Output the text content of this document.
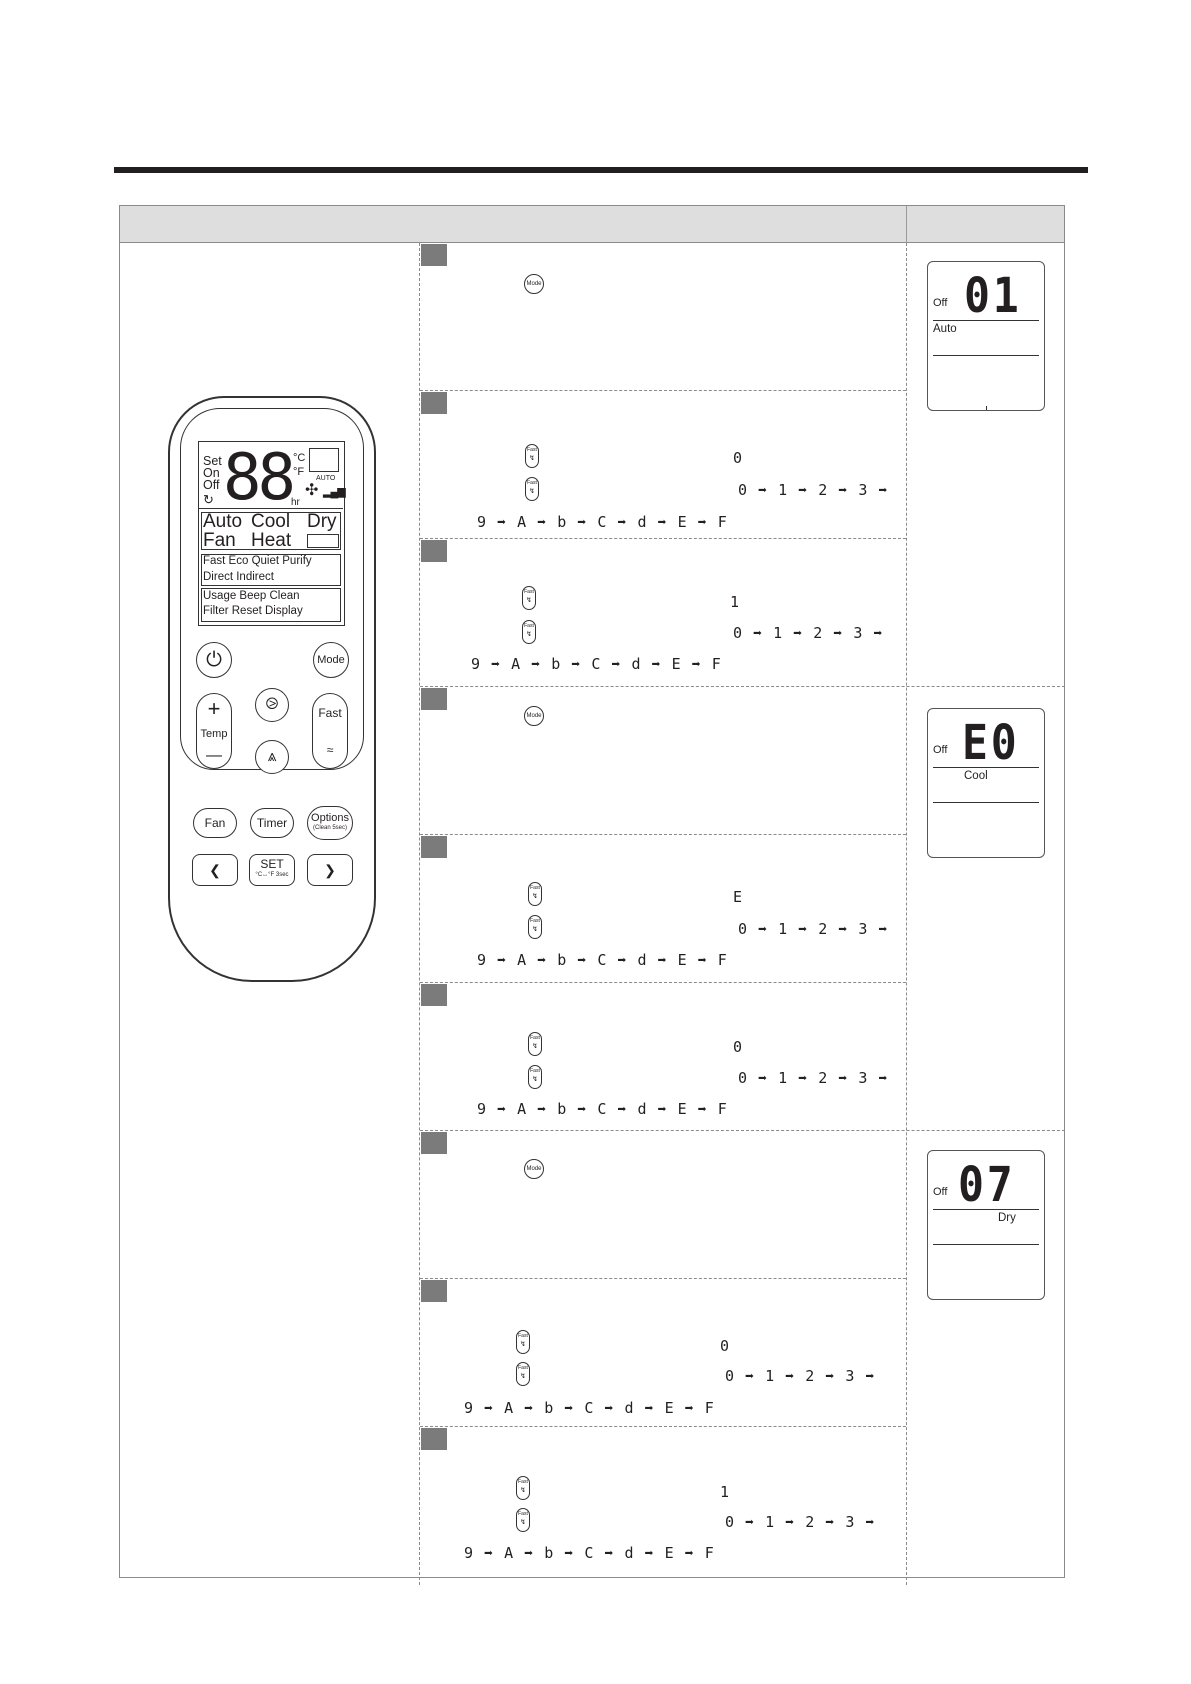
Mode
Mode
Mode
Fast
↯
Fast
↯
0
0 ➡ 1 ➡ 2 ➡ 3 ➡
9 ➡ A ➡ b ➡ C ➡ d ➡ E ➡ F
Fast
↯
Fast
↯
1
0 ➡ 1 ➡ 2 ➡ 3 ➡
9 ➡ A ➡ b ➡ C ➡ d ➡ E ➡ F
Fast
↯
Fast
↯
E
0 ➡ 1 ➡ 2 ➡ 3 ➡
9 ➡ A ➡ b ➡ C ➡ d ➡ E ➡ F
Fast
↯
Fast
↯
0
0 ➡ 1 ➡ 2 ➡ 3 ➡
9 ➡ A ➡ b ➡ C ➡ d ➡ E ➡ F
Fast
↯
Fast
↯
0
0 ➡ 1 ➡ 2 ➡ 3 ➡
9 ➡ A ➡ b ➡ C ➡ d ➡ E ➡ F
Fast
↯
Fast
↯
1
0 ➡ 1 ➡ 2 ➡ 3 ➡
9 ➡ A ➡ b ➡ C ➡ d ➡ E ➡ F
Off 01
Auto
Off E0
Cool
Off 07
Dry
Set
On
Off
↻ 88 °C
°F
hr
AUTO
✣ ▂▄▆
Auto Cool Dry
Fan Heat
Fast Eco Quiet Purify
Direct Indirect
Usage Beep Clean
Filter Reset Display
⏻	Mode
+
Temp
—
⧁
⩓
Fast
≈
Fan	Timer Options
(Clean 5sec)
❮	SET
°C↔°F 3sec	❯
